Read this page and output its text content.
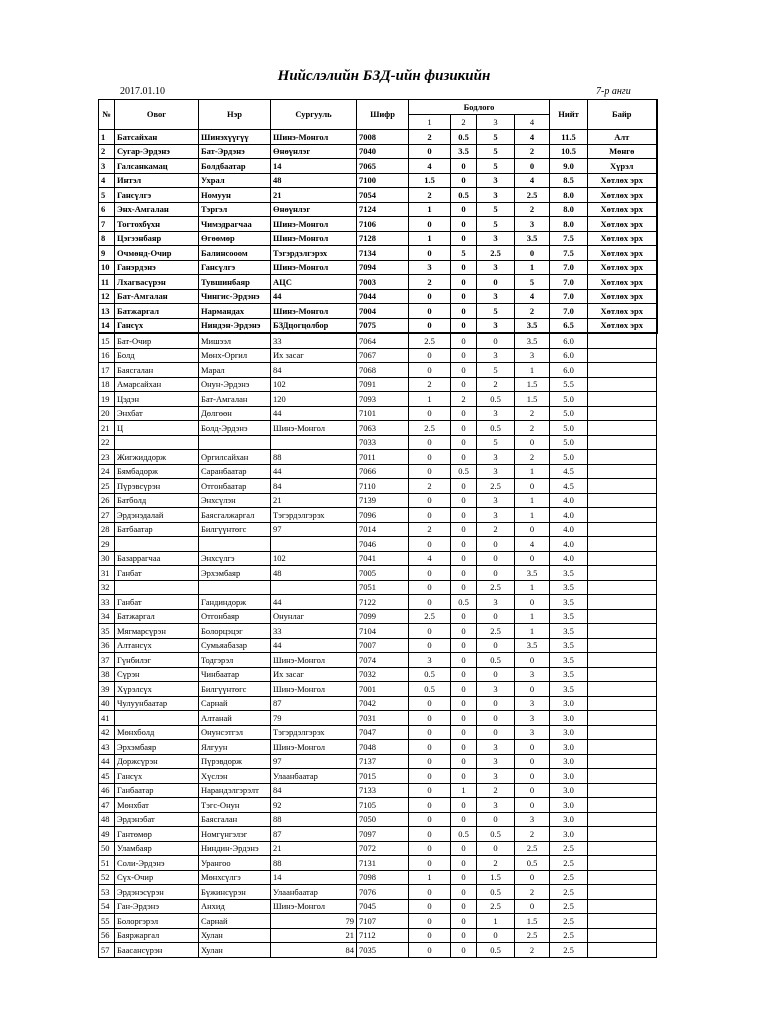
Нийслэлийн БЗД-ийн физикийн
2017.01.10	7-р анги
№	Овог	Нэр	Сургууль	Шифр	Бодлого				Нийт	Байр
					1	2	3	4		
1	Батсайхан	Шинэхүүгүү	Шинэ-Монгол	7008	2	0.5	5	4	11.5	Алт
2	Сугар-Эрдэнэ	Бат-Эрдэнэ	Өнөүнлэг	7040	0	3.5	5	2	10.5	Мөнгө
3	Галсанкамац	Болдбаатар	14	7065	4	0	5	0	9.0	Хүрэл
4	Интэл	Ухрал	48	7100	1.5	0	3	4	8.5	Хөтлөх эрх
5	Гансүлгэ	Номуун	21	7054	2	0.5	3	2.5	8.0	Хөтлөх эрх
6	Энх-Амгалан	Тэргэл	Өнөүнлэг	7124	1	0	5	2	8.0	Хөтлөх эрх
7	Тогтохбүхн	Чимэдрагчаа	Шинэ-Монгол	7106	0	0	5	3	8.0	Хөтлөх эрх
8	Цэгээнбаяр	Өгөөмөр	Шинэ-Монгол	7128	1	0	3	3.5	7.5	Хөтлөх эрх
9	Очмөнд-Очир	Балинсооом	Тэгэрдэлгэрэх	7134	0	5	2.5	0	7.5	Хөтлөх эрх
10	Ганэрдэнэ	Гансүлгэ	Шинэ-Монгол	7094	3	0	3	1	7.0	Хөтлөх эрх
11	Лхагвасүрэн	Тувшинбаяр	АЦС	7003	2	0	0	5	7.0	Хөтлөх эрх
12	Бат-Амгалан	Чингис-Эрдэнэ	44	7044	0	0	3	4	7.0	Хөтлөх эрх
13	Батжаргал	Нармандах	Шинэ-Монгол	7004	0	0	5	2	7.0	Хөтлөх эрх
14	Гансүх	Ниндэн-Эрдэнэ	БЗДцогцолбор	7075	0	0	3	3.5	6.5	Хөтлөх эрх
15	Бат-Очир	Мишээл	33	7064	2.5	0	0	3.5	6.0	
16	Болд	Мөнх-Оргил	Их засаг	7067	0	0	3	3	6.0	
17	Баясгалан	Марал	84	7068	0	0	5	1	6.0	
18	Амарсайхан	Онун-Эрдэнэ	102	7091	2	0	2	1.5	5.5	
19	Цэдэн	Бат-Амгалан	120	7093	1	2	0.5	1.5	5.0	
20	Энхбат	Дөлгөөн	44	7101	0	0	3	2	5.0	
21	Ц	Болд-Эрдэнэ	Шинэ-Монгол	7063	2.5	0	0.5	2	5.0	
22				7033	0	0	5	0	5.0	
23	Жигжиддорж	Оргилсайхан	88	7011	0	0	3	2	5.0	
24	Бямбадорж	Саранбаатар	44	7066	0	0.5	3	1	4.5	
25	Пүрэвсүрэн	Отгонбаатар	84	7110	2	0	2.5	0	4.5	
26	Батболд	Энхсүлэн	21	7139	0	0	3	1	4.0	
27	Эрдэнэдалай	Баясгалжаргал	Тэгэрдэлгэрэх	7096	0	0	3	1	4.0	
28	Батбаатар	Билгүүнтөгс	97	7014	2	0	2	0	4.0	
29				7046	0	0	0	4	4.0	
30	Базаррагчаа	Энхсүлгэ	102	7041	4	0	0	0	4.0	
31	Ганбат	Эрхэмбаяр	48	7005	0	0	0	3.5	3.5	
32				7051	0	0	2.5	1	3.5	
33	Ганбат	Гандиндорж	44	7122	0	0.5	3	0	3.5	
34	Батжаргал	Отгонбаяр	Онунлаг	7099	2.5	0	0	1	3.5	
35	Мягмарсүрэн	Болорцэцэг	33	7104	0	0	2.5	1	3.5	
36	Алтансүх	Сумьяабазар	44	7007	0	0	0	3.5	3.5	
37	Гүнбилэг	Тодгэрэл	Шинэ-Монгол	7074	3	0	0.5	0	3.5	
38	Сүрэн	Чинбаатар	Их засаг	7032	0.5	0	0	3	3.5	
39	Хүрэлсүх	Билгүүнтөгс	Шинэ-Монгол	7001	0.5	0	3	0	3.5	
40	Чулуунбаатар	Сарнай	87	7042	0	0	0	3	3.0	
41		Алтанай	79	7031	0	0	0	3	3.0	
42	Мөнхболд	Онунсэтгэл	Тэгэрдэлгэрэх	7047	0	0	0	3	3.0	
43	Эрхэмбаяр	Ялгуун	Шинэ-Монгол	7048	0	0	3	0	3.0	
44	Доржсүрэн	Пүрэвдорж	97	7137	0	0	3	0	3.0	
45	Гансүх	Хүслэн	Улаанбаатар	7015	0	0	3	0	3.0	
46	Ганбаатар	Нарандэлгэрэлт	84	7133	0	1	2	0	3.0	
47	Мөнхбат	Тэгс-Онун	92	7105	0	0	3	0	3.0	
48	Эрдэнэбат	Баясгалан	88	7050	0	0	0	3	3.0	
49	Гантөмөр	Номгүнгэлэг	87	7097	0	0.5	0.5	2	3.0	
50	Уламбаяр	Ниндин-Эрдэнэ	21	7072	0	0	0	2.5	2.5	
51	Соли-Эрдэнэ	Урангоо	88	7131	0	0	2	0.5	2.5	
52	Сүх-Очир	Мөнхсүлгэ	14	7098	1	0	1.5	0	2.5	
53	Эрдэнэсүрэн	Бүжинсүрэн	Улаанбаатар	7076	0	0	0.5	2	2.5	
54	Ган-Эрдэнэ	Анхид	Шинэ-Монгол	7045	0	0	2.5	0	2.5	
55	Болоргэрэл	Сарнай	79	7107	0	0	1	1.5	2.5	
56	Баяржаргал	Хулан	21	7112	0	0	0	2.5	2.5	
57	Баасансүрэн	Хулан	84	7035	0	0	0.5	2	2.5	
